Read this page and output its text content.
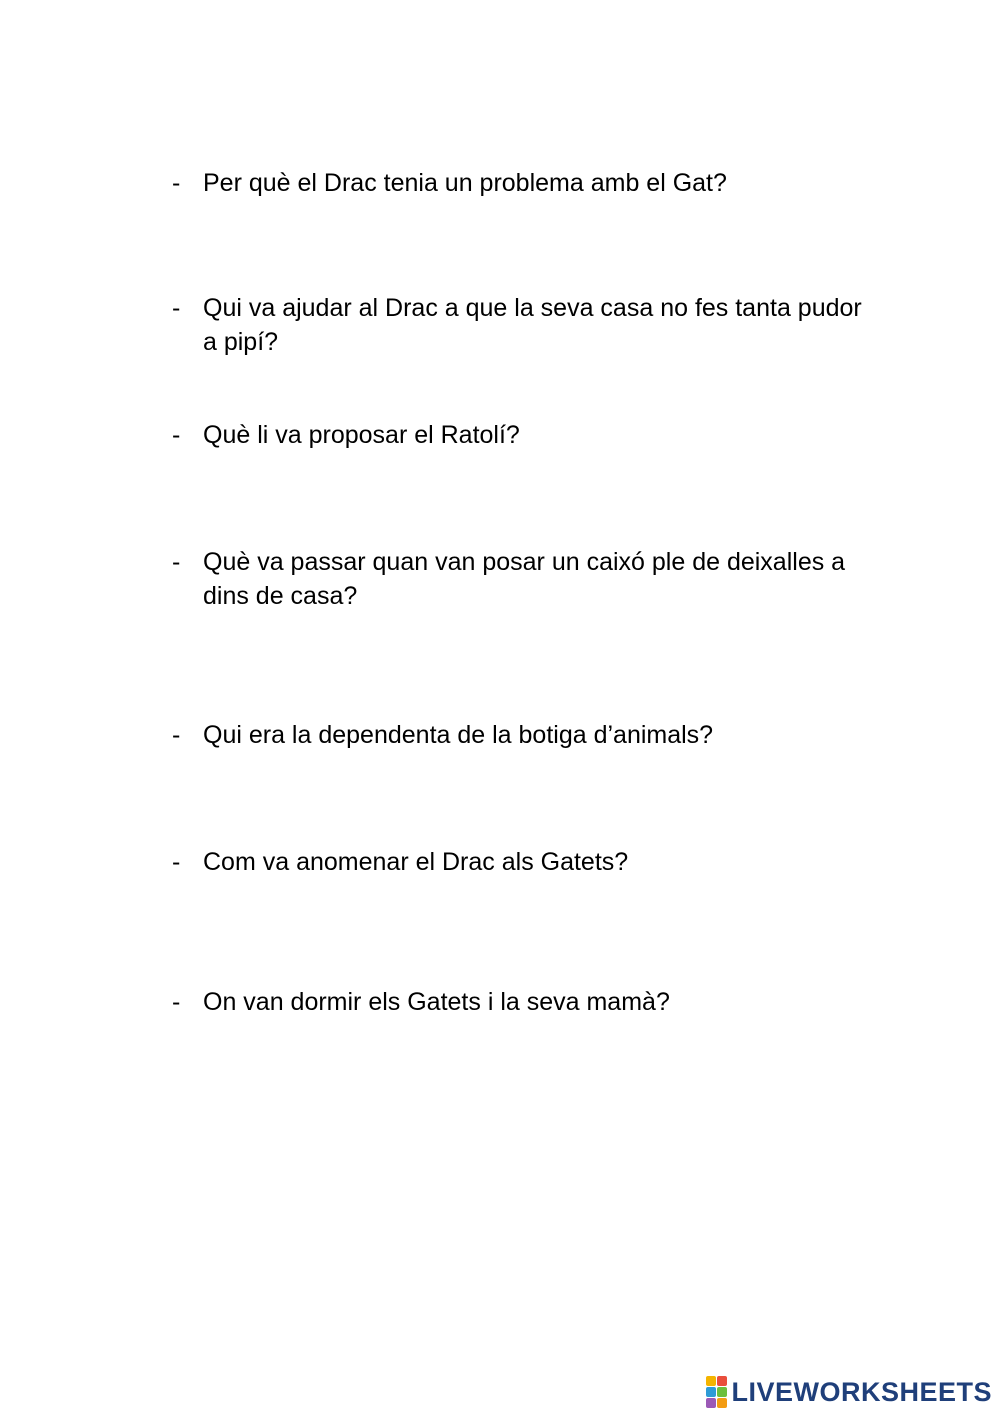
- Per què el Drac tenia un problema amb el Gat?
- Qui va ajudar al Drac a que la seva casa no fes tanta pudor a pipí?
- Què li va proposar el Ratolí?
- Què va passar quan van posar un caixó ple de deixalles a dins de casa?
- Qui era la dependenta de la botiga d’animals?
- Com va anomenar el Drac als Gatets?
- On van dormir els Gatets i la seva mamà?
LIVEWORKSHEETS
